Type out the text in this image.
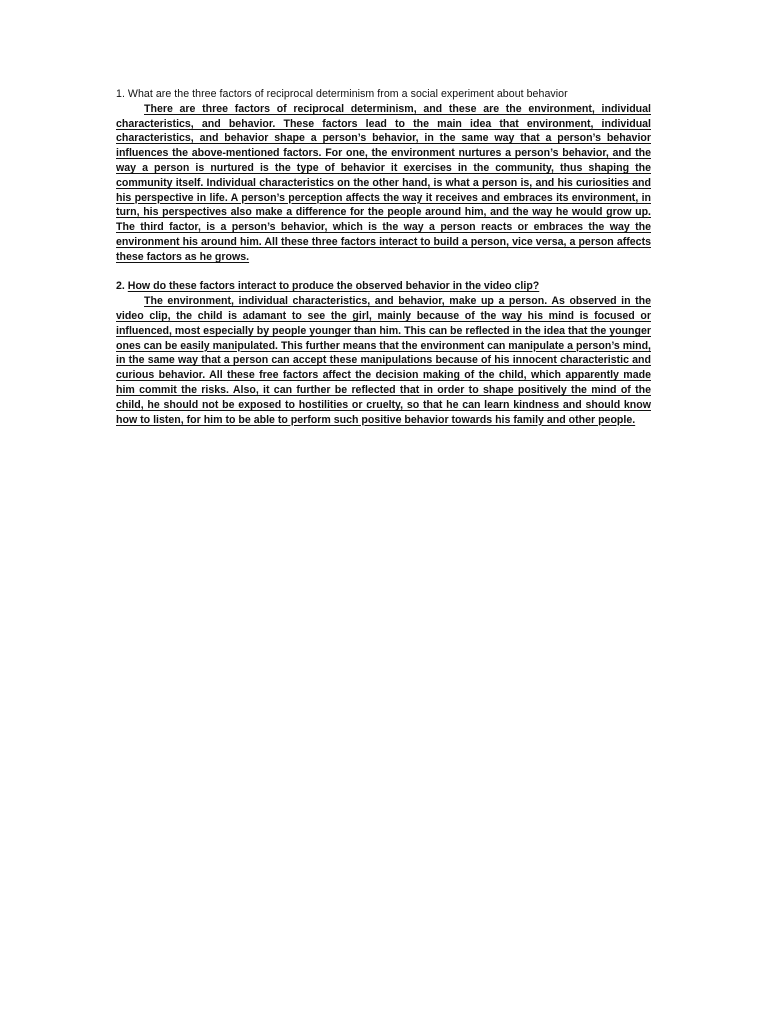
1. What are the three factors of reciprocal determinism from a social experiment about behavior

There are three factors of reciprocal determinism, and these are the environment, individual characteristics, and behavior. These factors lead to the main idea that environment, individual characteristics, and behavior shape a person’s behavior, in the same way that a person’s behavior influences the above-mentioned factors. For one, the environment nurtures a person’s behavior, and the way a person is nurtured is the type of behavior it exercises in the community, thus shaping the community itself. Individual characteristics on the other hand, is what a person is, and his curiosities and his perspective in life. A person’s perception affects the way it receives and embraces its environment, in turn, his perspectives also make a difference for the people around him, and the way he would grow up. The third factor, is a person’s behavior, which is the way a person reacts or embraces the way the environment his around him. All these three factors interact to build a person, vice versa, a person affects these factors as he grows.

2. How do these factors interact to produce the observed behavior in the video clip?

The environment, individual characteristics, and behavior, make up a person. As observed in the video clip, the child is adamant to see the girl, mainly because of the way his mind is focused or influenced, most especially by people younger than him. This can be reflected in the idea that the younger ones can be easily manipulated. This further means that the environment can manipulate a person’s mind, in the same way that a person can accept these manipulations because of his innocent characteristic and curious behavior. All these free factors affect the decision making of the child, which apparently made him commit the risks. Also, it can further be reflected that in order to shape positively the mind of the child, he should not be exposed to hostilities or cruelty, so that he can learn kindness and should know how to listen, for him to be able to perform such positive behavior towards his family and other people.
